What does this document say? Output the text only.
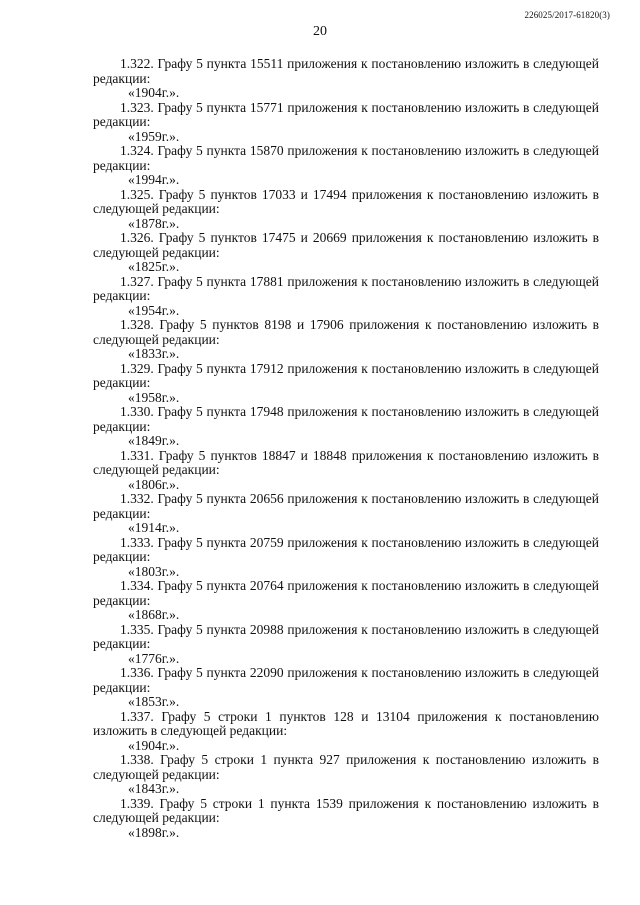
20
226025/2017-61820(3)

1.322. Графу 5 пункта 15511 приложения к постановлению изложить в следующей редакции:

«1904г.».

1.323. Графу 5 пункта 15771 приложения к постановлению изложить в следующей редакции:

«1959г.».

1.324. Графу 5 пункта 15870 приложения к постановлению изложить в следующей редакции:

«1994г.».

1.325. Графу 5 пунктов 17033 и 17494 приложения к постановлению изложить в следующей редакции:

«1878г.».

1.326. Графу 5 пунктов 17475 и 20669 приложения к постановлению изложить в следующей редакции:

«1825г.».

1.327. Графу 5 пункта 17881 приложения к постановлению изложить в следующей редакции:

«1954г.».

1.328. Графу 5 пунктов 8198 и 17906 приложения к постановлению изложить в следующей редакции:

«1833г.».

1.329. Графу 5 пункта 17912 приложения к постановлению изложить в следующей редакции:

«1958г.».

1.330. Графу 5 пункта 17948 приложения к постановлению изложить в следующей редакции:

«1849г.».

1.331. Графу 5 пунктов 18847 и 18848 приложения к постановлению изложить в следующей редакции:

«1806г.».

1.332. Графу 5 пункта 20656 приложения к постановлению изложить в следующей редакции:

«1914г.».

1.333. Графу 5 пункта 20759 приложения к постановлению изложить в следующей редакции:

«1803г.».

1.334. Графу 5 пункта 20764 приложения к постановлению изложить в следующей редакции:

«1868г.».

1.335. Графу 5 пункта 20988 приложения к постановлению изложить в следующей редакции:

«1776г.».

1.336. Графу 5 пункта 22090 приложения к постановлению изложить в следующей редакции:

«1853г.».

1.337. Графу 5 строки 1 пунктов 128 и 13104 приложения к постановлению изложить в следующей редакции:

«1904г.».

1.338. Графу 5 строки 1 пункта 927 приложения к постановлению изложить в следующей редакции:

«1843г.».

1.339. Графу 5 строки 1 пункта 1539 приложения к постановлению изложить в следующей редакции:

«1898г.».
